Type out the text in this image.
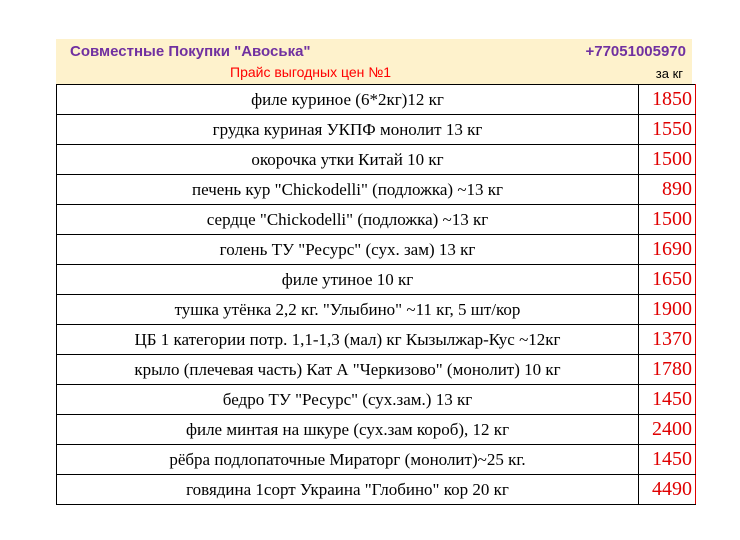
Совместные Покупки "Авоська"	+77051005970
Прайс выгодных цен №1	за кг
филе куриное (6*2кг)12 кг	1850
грудка куриная УКПФ монолит 13 кг	1550
окорочка утки Китай 10 кг	1500
печень кур "Chickodelli" (подложка) ~13 кг	890
сердце "Chickodelli" (подложка) ~13 кг	1500
голень ТУ "Ресурс" (сух. зам) 13 кг	1690
филе утиное 10 кг	1650
тушка утёнка 2,2 кг. "Улыбино" ~11 кг, 5 шт/кор	1900
ЦБ 1 категории потр. 1,1-1,3 (мал) кг Кызылжар-Кус ~12кг	1370
крыло (плечевая часть) Кат А "Черкизово" (монолит) 10 кг	1780
бедро ТУ "Ресурс" (сух.зам.) 13 кг	1450
филе минтая на шкуре (сух.зам короб), 12 кг	2400
рёбра подлопаточные Мираторг (монолит)~25 кг.	1450
говядина 1сорт Украина "Глобино" кор 20 кг	4490
